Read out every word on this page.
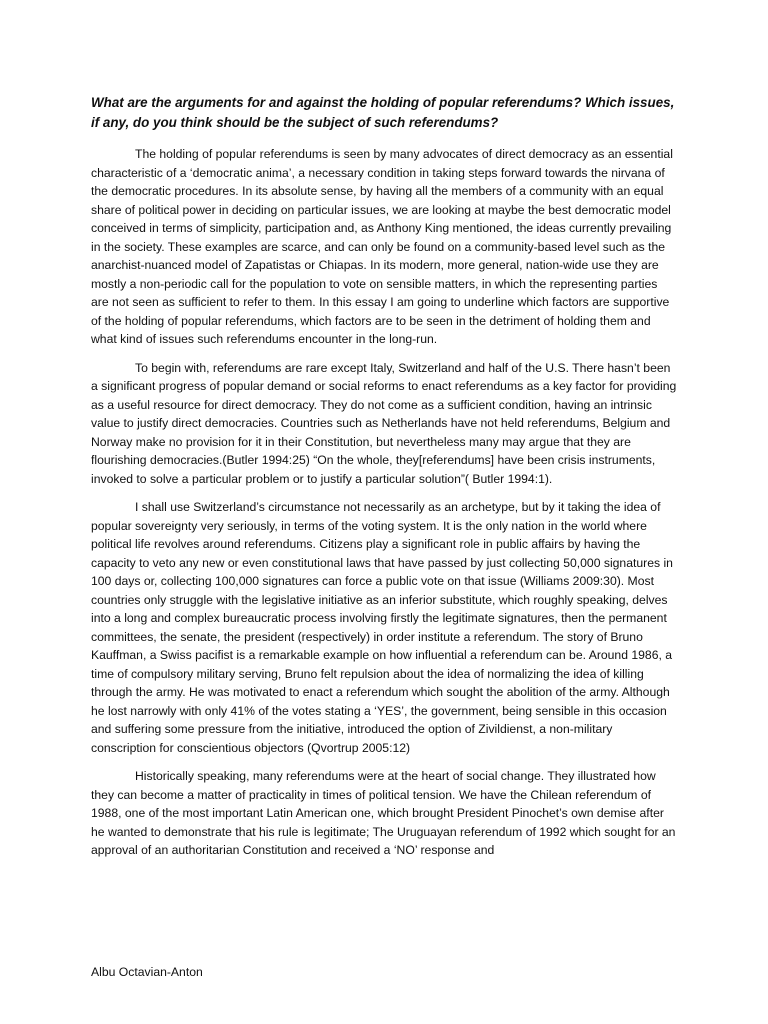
What are the arguments for and against the holding of popular referendums? Which issues, if any, do you think should be the subject of such referendums?

The holding of popular referendums is seen by many advocates of direct democracy as an essential characteristic of a ‘democratic anima’, a necessary condition in taking steps forward towards the nirvana of the democratic procedures. In its absolute sense, by having all the members of a community with an equal share of political power in deciding on particular issues, we are looking at maybe the best democratic model conceived in terms of simplicity, participation and, as Anthony King mentioned, the ideas currently prevailing in the society. These examples are scarce, and can only be found on a community-based level such as the anarchist-nuanced model of Zapatistas or Chiapas. In its modern, more general, nation-wide use they are mostly a non-periodic call for the population to vote on sensible matters, in which the representing parties are not seen as sufficient to refer to them. In this essay I am going to underline which factors are supportive of the holding of popular referendums, which factors are to be seen in the detriment of holding them and what kind of issues such referendums encounter in the long-run.

To begin with, referendums are rare except Italy, Switzerland and half of the U.S. There hasn’t been a significant progress of popular demand or social reforms to enact referendums as a key factor for providing as a useful resource for direct democracy. They do not come as a sufficient condition, having an intrinsic value to justify direct democracies. Countries such as Netherlands have not held referendums, Belgium and Norway make no provision for it in their Constitution, but nevertheless many may argue that they are flourishing democracies.(Butler 1994:25) “On the whole, they[referendums] have been crisis instruments, invoked to solve a particular problem or to justify a particular solution”( Butler 1994:1).

I shall use Switzerland’s circumstance not necessarily as an archetype, but by it taking the idea of popular sovereignty very seriously, in terms of the voting system. It is the only nation in the world where political life revolves around referendums. Citizens play a significant role in public affairs by having the capacity to veto any new or even constitutional laws that have passed by just collecting 50,000 signatures in 100 days or, collecting 100,000 signatures can force a public vote on that issue (Williams 2009:30). Most countries only struggle with the legislative initiative as an inferior substitute, which roughly speaking, delves into a long and complex bureaucratic process involving firstly the legitimate signatures, then the permanent committees, the senate, the president (respectively) in order institute a referendum. The story of Bruno Kauffman, a Swiss pacifist is a remarkable example on how influential a referendum can be. Around 1986, a time of compulsory military serving, Bruno felt repulsion about the idea of normalizing the idea of killing through the army. He was motivated to enact a referendum which sought the abolition of the army. Although he lost narrowly with only 41% of the votes stating a ‘YES’, the government, being sensible in this occasion and suffering some pressure from the initiative, introduced the option of Zivildienst, a non-military conscription for conscientious objectors (Qvortrup 2005:12)

Historically speaking, many referendums were at the heart of social change. They illustrated how they can become a matter of practicality in times of political tension. We have the Chilean referendum of 1988, one of the most important Latin American one, which brought President Pinochet’s own demise after he wanted to demonstrate that his rule is legitimate; The Uruguayan referendum of 1992 which sought for an approval of an authoritarian Constitution and received a ‘NO’ response and

Albu Octavian-Anton
